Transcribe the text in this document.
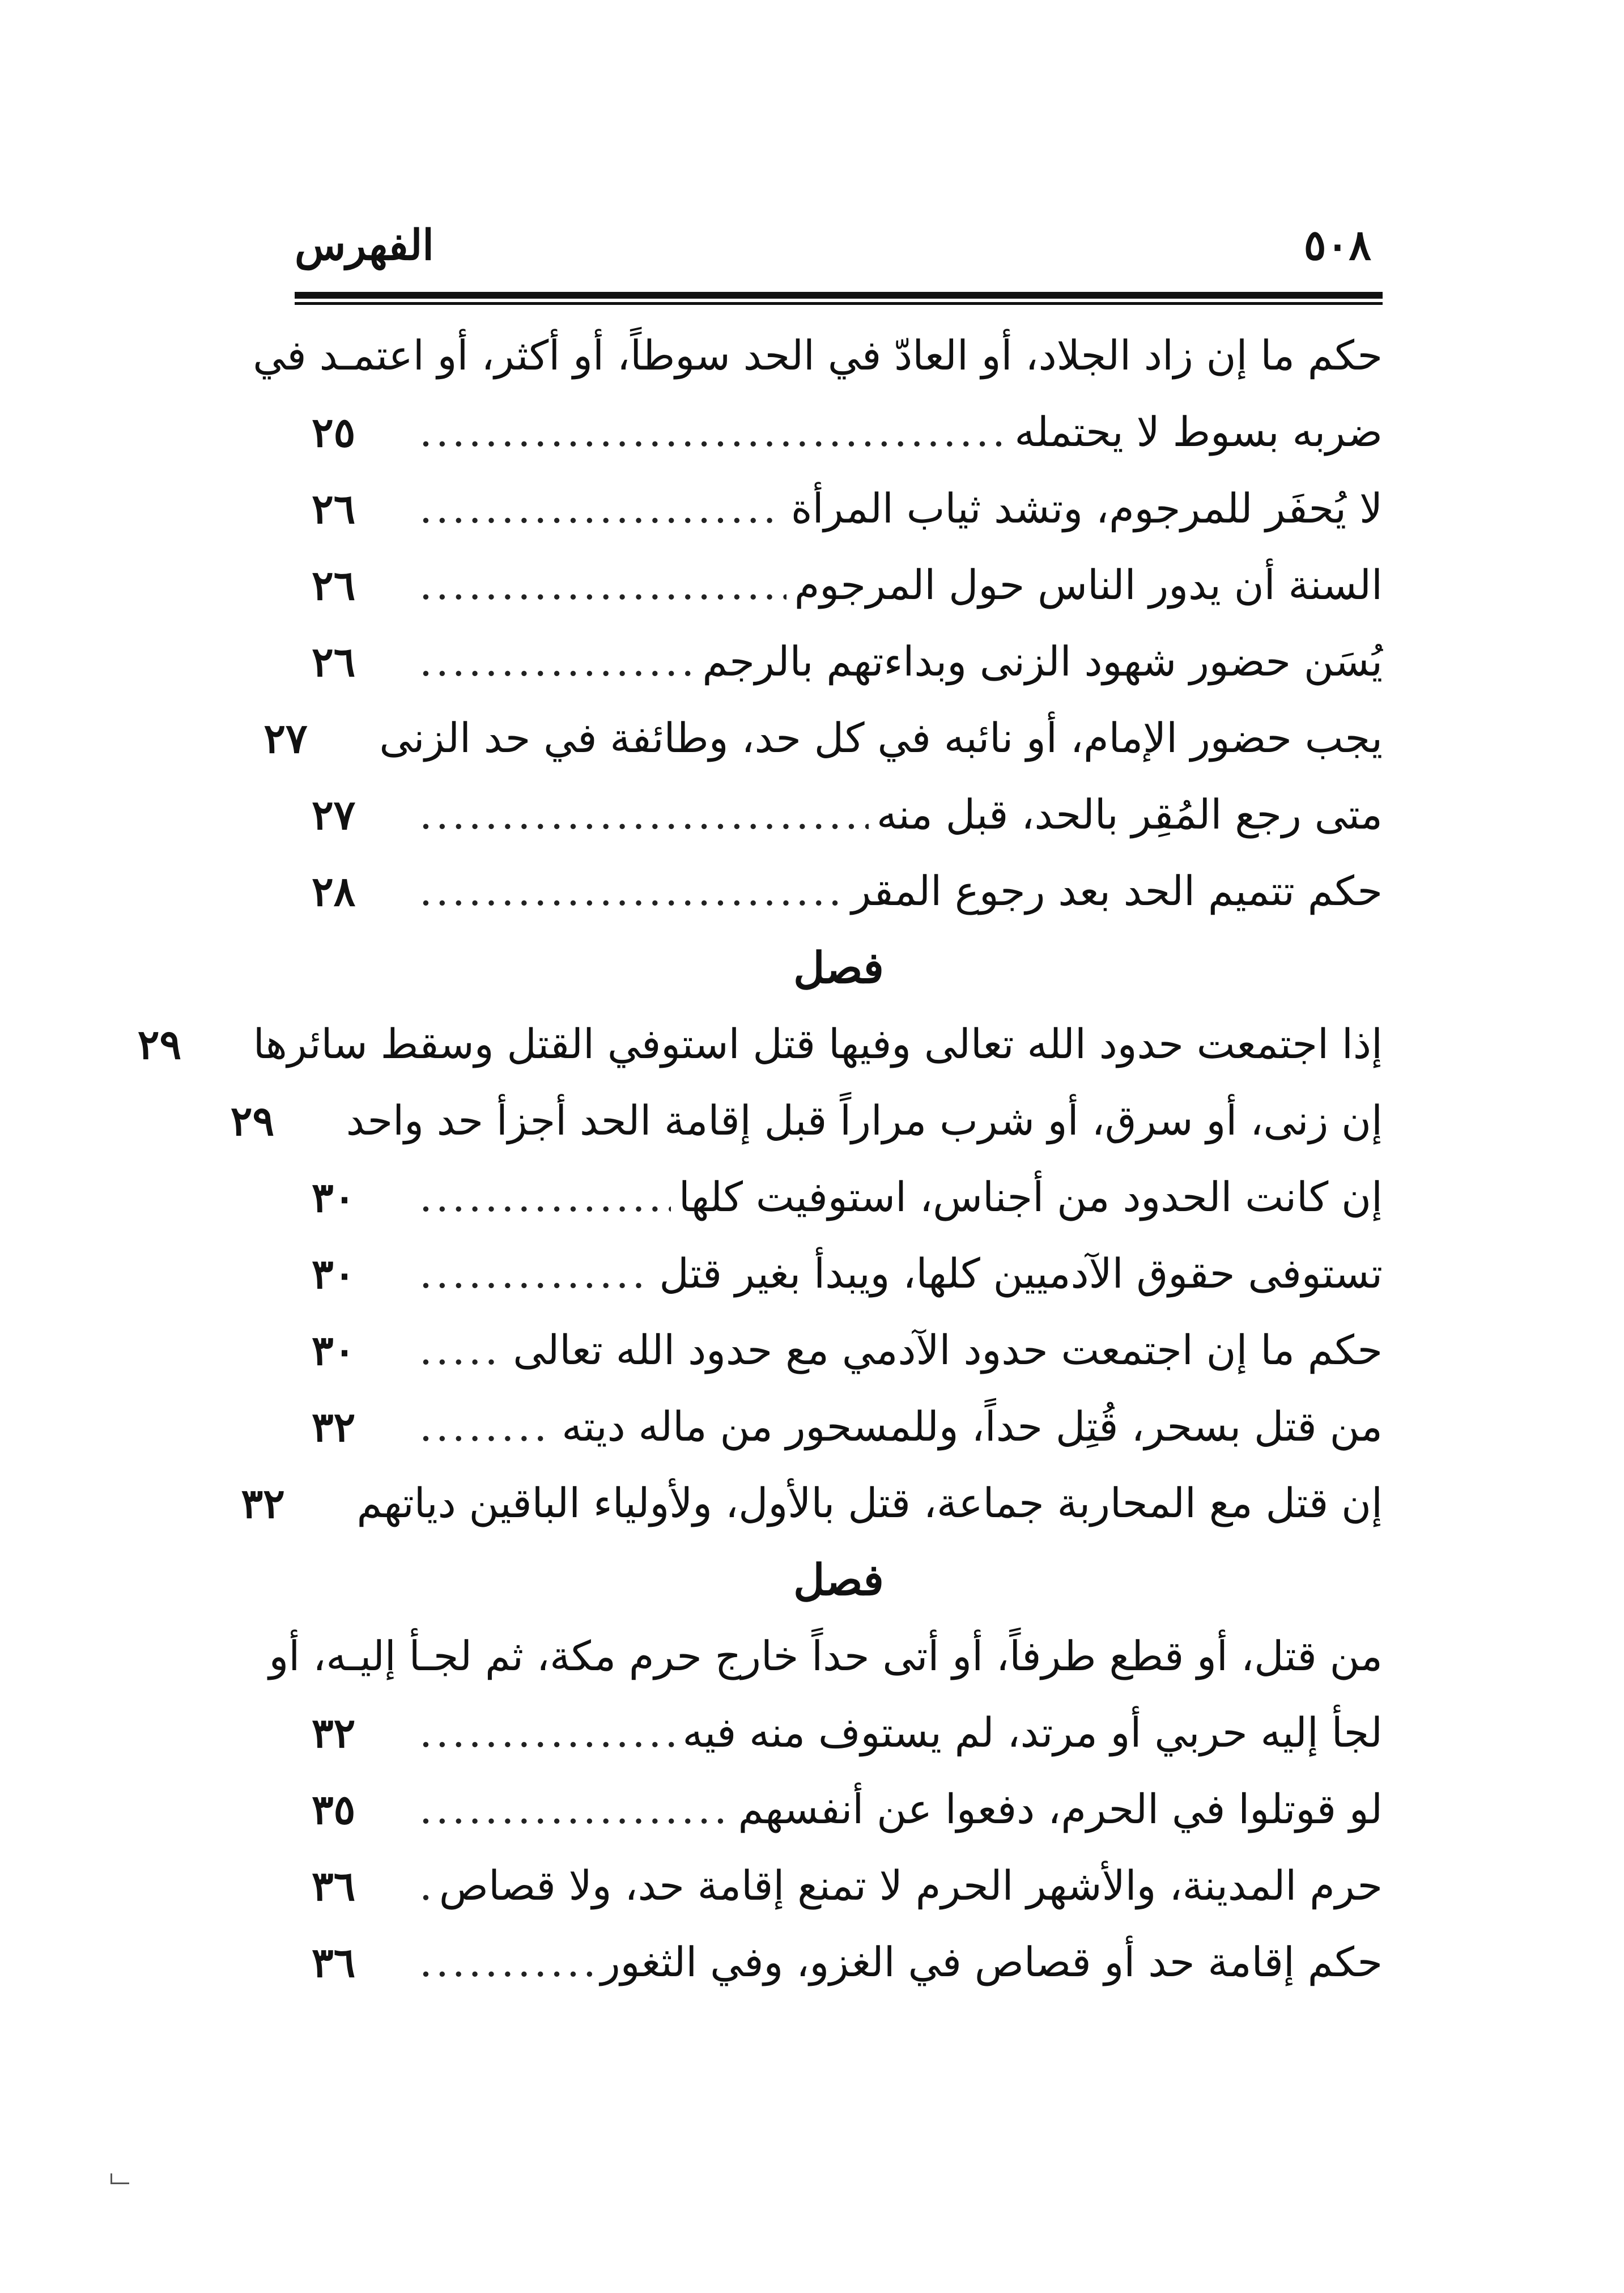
الفهرس	٥٠٨
حكم ما إن زاد الجلاد، أو العادّ في الحد سوطاً، أو أكثر، أو اعتمـد في
ضربه بسوط لا يحتمله
.....
٢٥
لا يُحفَر للمرجوم، وتشد ثياب المرأة
.....
٢٦
السنة أن يدور الناس حول المرجوم
.....
٢٦
يُسَن حضور شهود الزنى وبداءتهم بالرجم
.....
٢٦
يجب حضور الإمام، أو نائبه في كل حد، وطائفة في حد الزنى
٢٧
متى رجع المُقِر بالحد، قبل منه
.....
٢٧
حكم تتميم الحد بعد رجوع المقر
.....
٢٨
فصل
إذا اجتمعت حدود الله تعالى وفيها قتل استوفي القتل وسقط سائرها
٢٩
إن زنى، أو سرق، أو شرب مراراً قبل إقامة الحد أجزأ حد واحد
٢٩
إن كانت الحدود من أجناس، استوفيت كلها
.....
٣٠
تستوفى حقوق الآدميين كلها، ويبدأ بغير قتل
.....
٣٠
حكم ما إن اجتمعت حدود الآدمي مع حدود الله تعالى
.....
٣٠
من قتل بسحر، قُتِل حداً، وللمسحور من ماله ديته
.....
٣٢
إن قتل مع المحاربة جماعة، قتل بالأول، ولأولياء الباقين دياتهم
٣٢
فصل
من قتل، أو قطع طرفاً، أو أتى حداً خارج حرم مكة، ثم لجـأ إليـه، أو
لجأ إليه حربي أو مرتد، لم يستوف منه فيه
.....
٣٢
لو قوتلوا في الحرم، دفعوا عن أنفسهم
.....
٣٥
حرم المدينة، والأشهر الحرم لا تمنع إقامة حد، ولا قصاص
.....
٣٦
حكم إقامة حد أو قصاص في الغزو، وفي الثغور
.....
٣٦
